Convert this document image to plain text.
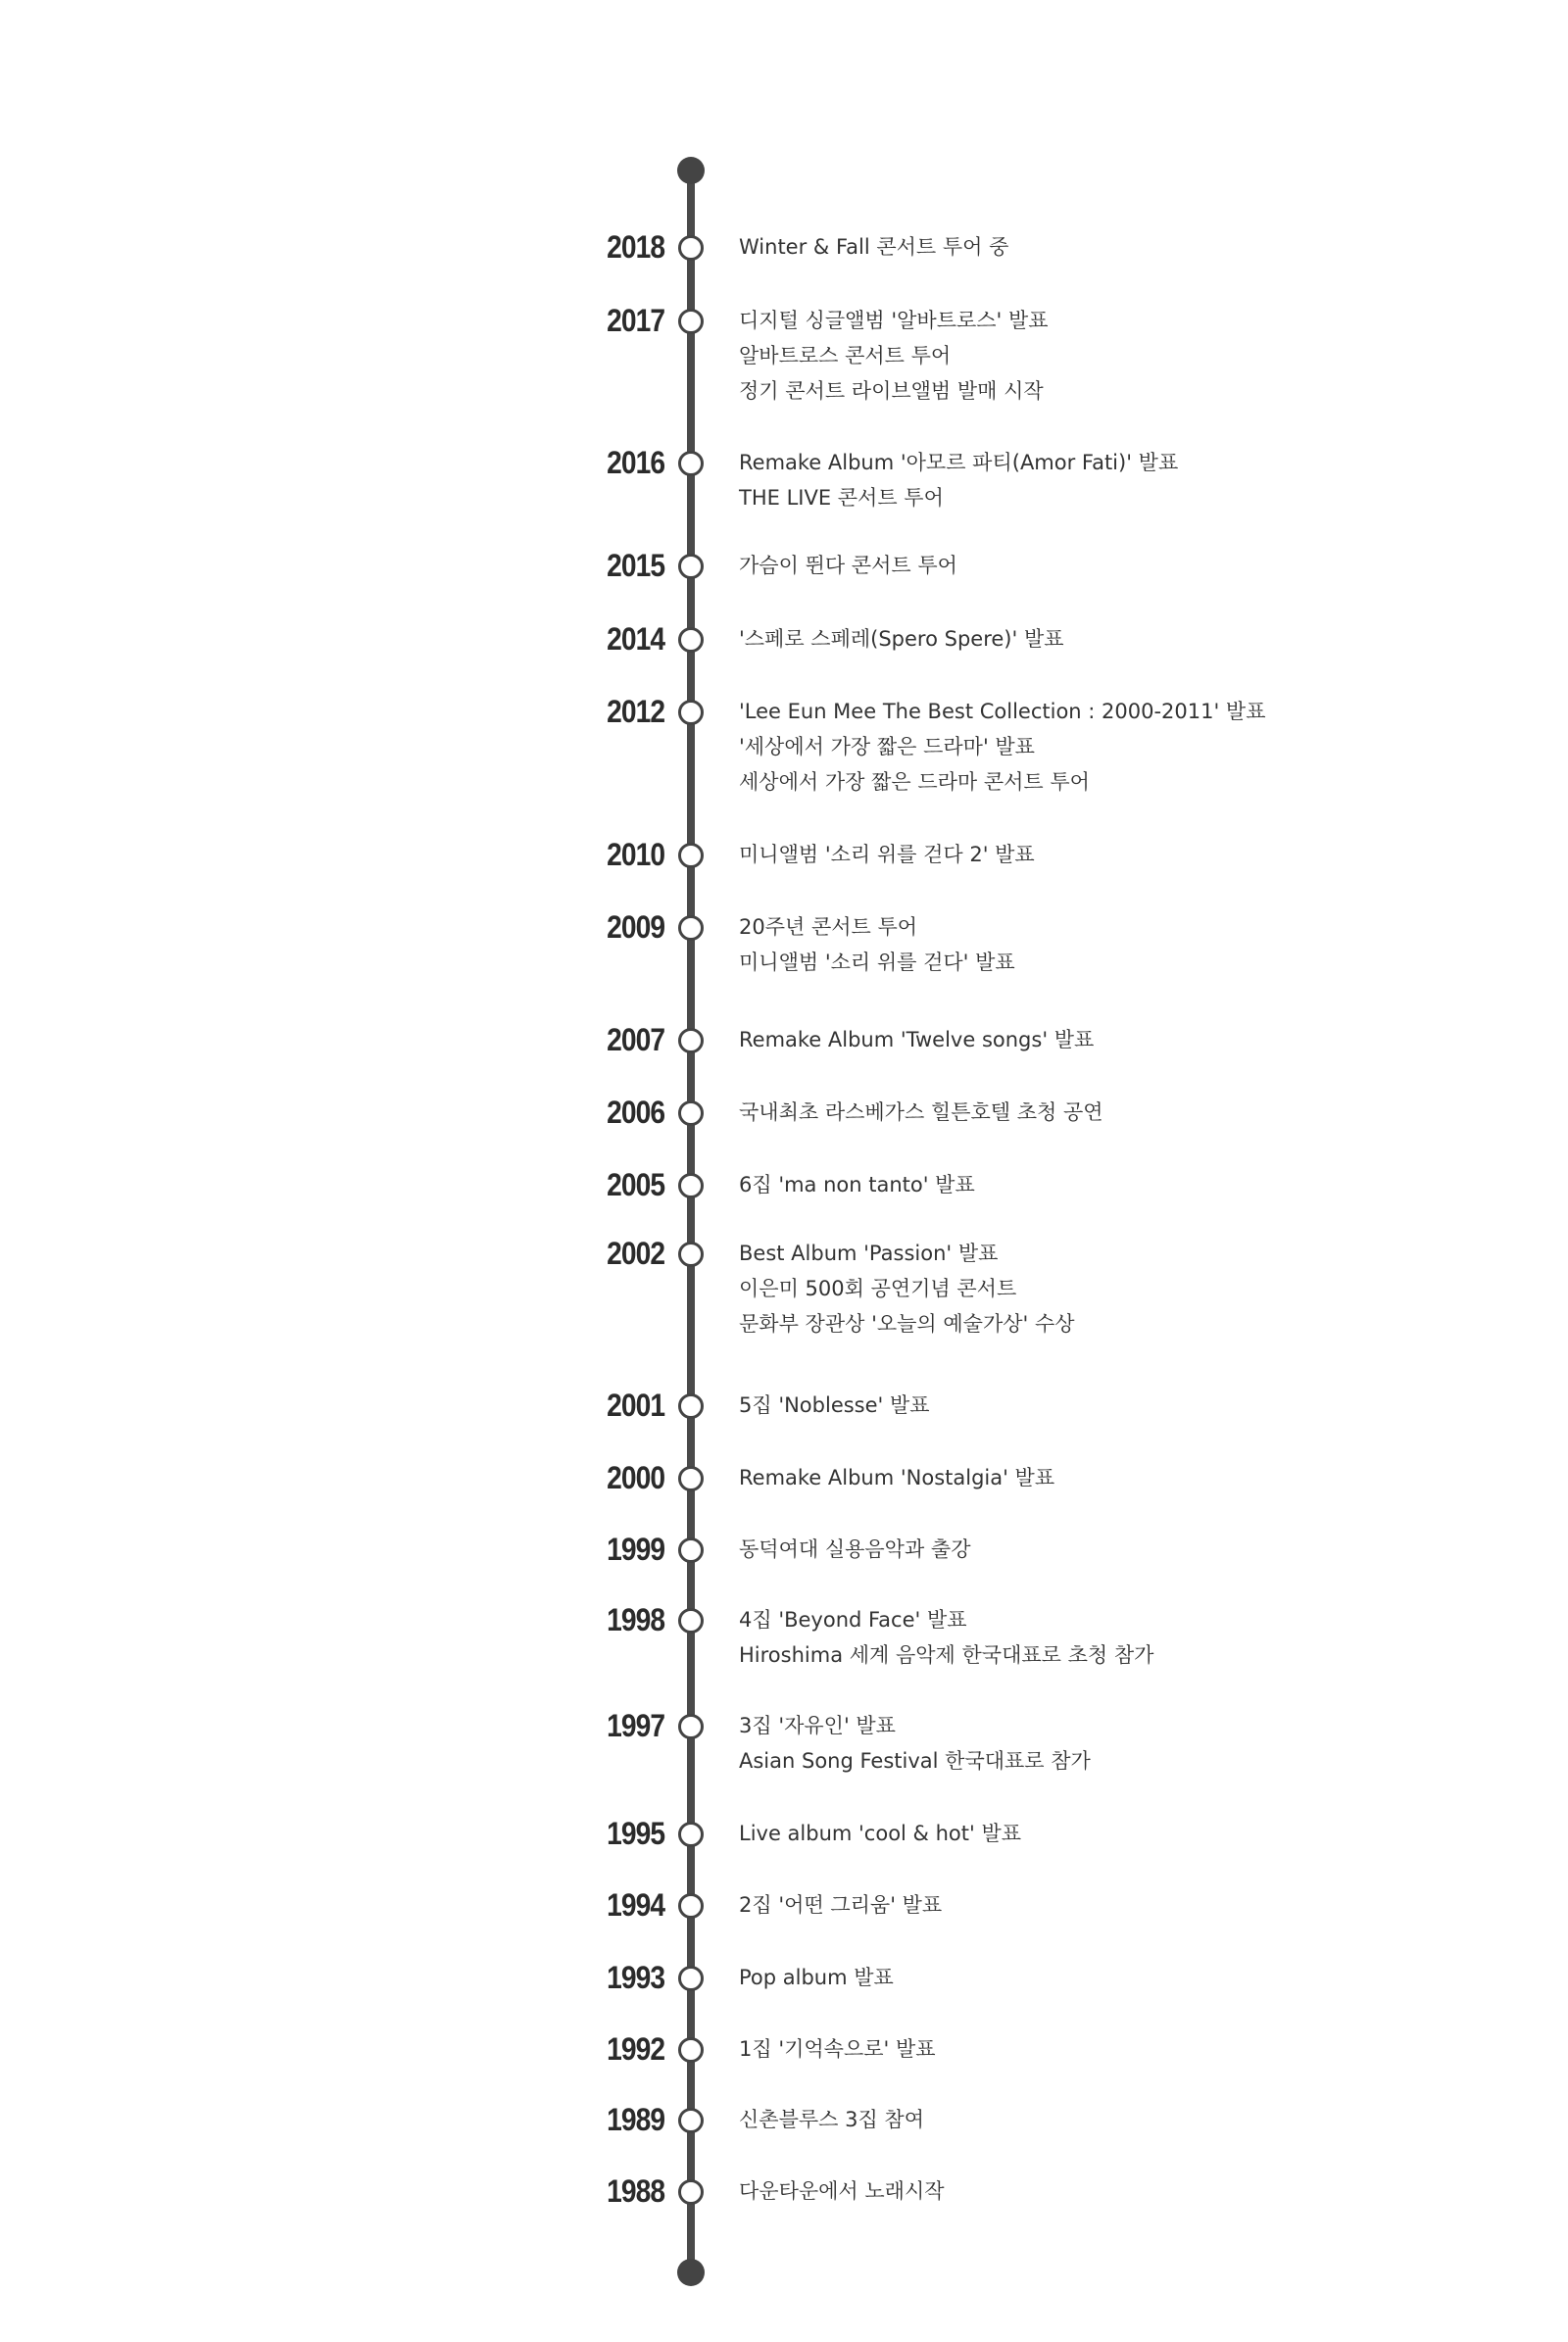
2018	Winter & Fall 콘서트 투어 중
2017	디지털 싱글앨범 '알바트로스' 발표
알바트로스 콘서트 투어
정기 콘서트 라이브앨범 발매 시작
2016	Remake Album '아모르 파티(Amor Fati)' 발표
THE LIVE 콘서트 투어
2015	가슴이 뛴다 콘서트 투어
2014	'스페로 스페레(Spero Spere)' 발표
2012	'Lee Eun Mee The Best Collection : 2000-2011' 발표
'세상에서 가장 짧은 드라마' 발표
세상에서 가장 짧은 드라마 콘서트 투어
2010	미니앨범 '소리 위를 걷다 2' 발표
2009	20주년 콘서트 투어
미니앨범 '소리 위를 걷다' 발표
2007	Remake Album 'Twelve songs' 발표
2006	국내최초 라스베가스 힐튼호텔 초청 공연
2005	6집 'ma non tanto' 발표
2002	Best Album 'Passion' 발표
이은미 500회 공연기념 콘서트
문화부 장관상 '오늘의 예술가상' 수상
2001	5집 'Noblesse' 발표
2000	Remake Album 'Nostalgia' 발표
1999	동덕여대 실용음악과 출강
1998	4집 'Beyond Face' 발표
Hiroshima 세계 음악제 한국대표로 초청 참가
1997	3집 '자유인' 발표
Asian Song Festival 한국대표로 참가
1995	Live album 'cool & hot' 발표
1994	2집 '어떤 그리움' 발표
1993	Pop album 발표
1992	1집 '기억속으로' 발표
1989	신촌블루스 3집 참여
1988	다운타운에서 노래시작
